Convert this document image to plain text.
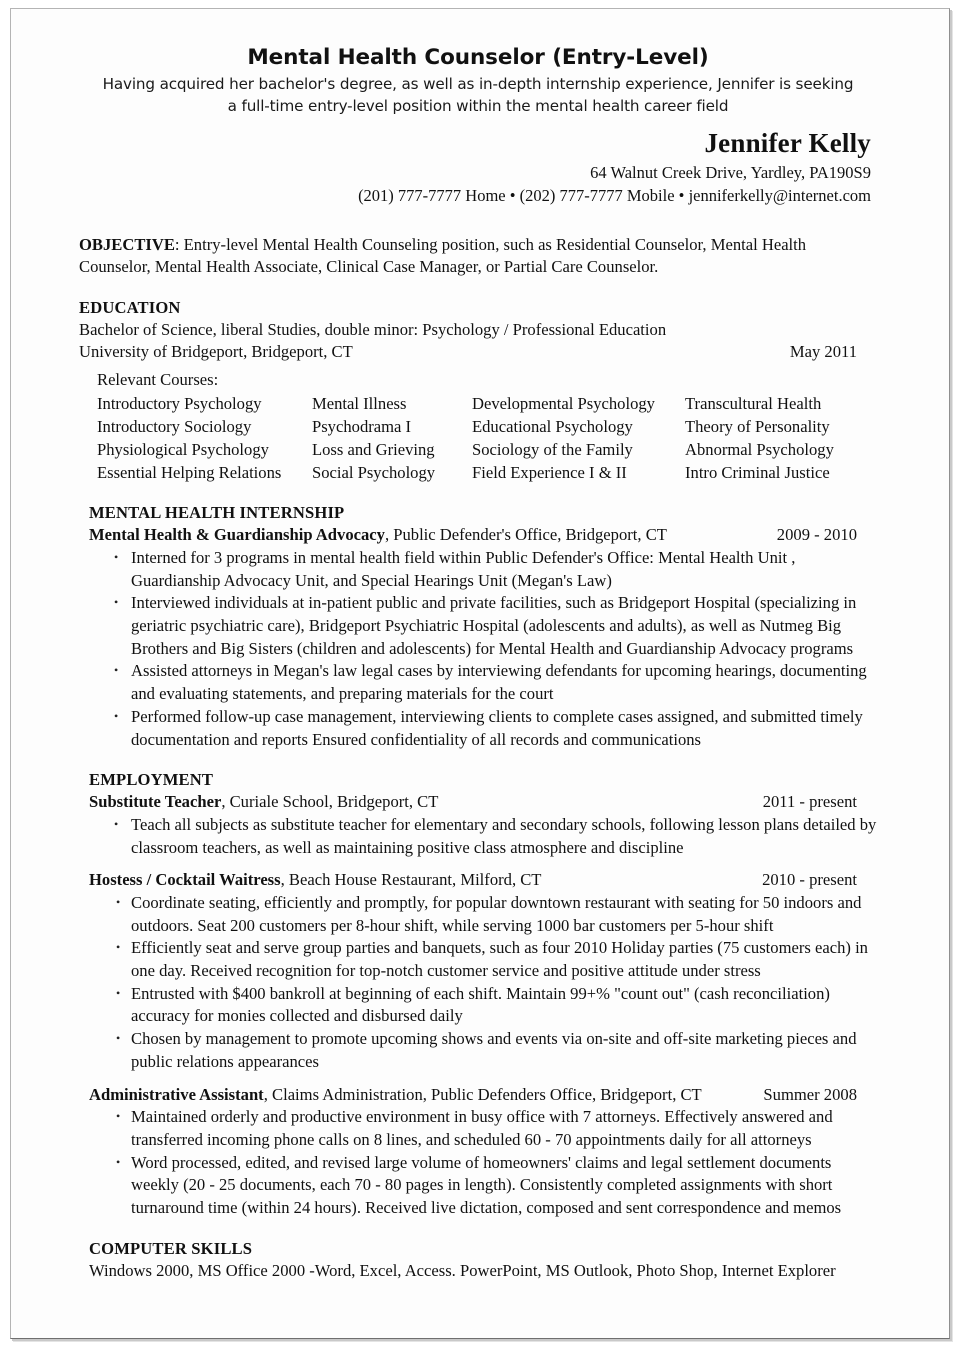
Mental Health Counselor (Entry-Level)
Having acquired her bachelor's degree, as well as in-depth internship experience, Jennifer is seeking a full-time entry-level position within the mental health career field
Jennifer Kelly
64 Walnut Creek Drive, Yardley, PA190S9
(201) 777-7777 Home • (202) 777-7777 Mobile • jenniferkelly@internet.com

OBJECTIVE: Entry-level Mental Health Counseling position, such as Residential Counselor, Mental Health Counselor, Mental Health Associate, Clinical Case Manager, or Partial Care Counselor.

EDUCATION
Bachelor of Science, liberal Studies, double minor: Psychology / Professional Education
University of Bridgeport, Bridgeport, CT	May 2011
Relevant Courses:
Introductory Psychology	Mental Illness	Developmental Psychology	Transcultural Health
Introductory Sociology	Psychodrama I	Educational Psychology	Theory of Personality
Physiological Psychology	Loss and Grieving	Sociology of the Family	Abnormal Psychology
Essential Helping Relations	Social Psychology	Field Experience I & II	Intro Criminal Justice
MENTAL HEALTH INTERNSHIP
Mental Health & Guardianship Advocacy, Public Defender's Office, Bridgeport, CT	2009 - 2010
• Interned for 3 programs in mental health field within Public Defender's Office: Mental Health Unit , Guardianship Advocacy Unit, and Special Hearings Unit (Megan's Law)
• Interviewed individuals at in-patient public and private facilities, such as Bridgeport Hospital (specializing in geriatric psychiatric care), Bridgeport Psychiatric Hospital (adolescents and adults), as well as Nutmeg Big Brothers and Big Sisters (children and adolescents) for Mental Health and Guardianship Advocacy programs
• Assisted attorneys in Megan's law legal cases by interviewing defendants for upcoming hearings, documenting and evaluating statements, and preparing materials for the court
• Performed follow-up case management, interviewing clients to complete cases assigned, and submitted timely documentation and reports Ensured confidentiality of all records and communications
EMPLOYMENT
Substitute Teacher, Curiale School, Bridgeport, CT	2011 - present
• Teach all subjects as substitute teacher for elementary and secondary schools, following lesson plans detailed by classroom teachers, as well as maintaining positive class atmosphere and discipline
Hostess / Cocktail Waitress, Beach House Restaurant, Milford, CT	2010 - present
• Coordinate seating, efficiently and promptly, for popular downtown restaurant with seating for 50 indoors and outdoors. Seat 200 customers per 8-hour shift, while serving 1000 bar customers per 5-hour shift
• Efficiently seat and serve group parties and banquets, such as four 2010 Holiday parties (75 customers each) in one day. Received recognition for top-notch customer service and positive attitude under stress
• Entrusted with $400 bankroll at beginning of each shift. Maintain 99+% "count out" (cash reconciliation) accuracy for monies collected and disbursed daily
• Chosen by management to promote upcoming shows and events via on-site and off-site marketing pieces and public relations appearances
Administrative Assistant, Claims Administration, Public Defenders Office, Bridgeport, CT	Summer 2008
• Maintained orderly and productive environment in busy office with 7 attorneys. Effectively answered and transferred incoming phone calls on 8 lines, and scheduled 60 - 70 appointments daily for all attorneys
• Word processed, edited, and revised large volume of homeowners' claims and legal settlement documents weekly (20 - 25 documents, each 70 - 80 pages in length). Consistently completed assignments with short turnaround time (within 24 hours). Received live dictation, composed and sent correspondence and memos
COMPUTER SKILLS
Windows 2000, MS Office 2000 -Word, Excel, Access. PowerPoint, MS Outlook, Photo Shop, Internet Explorer
